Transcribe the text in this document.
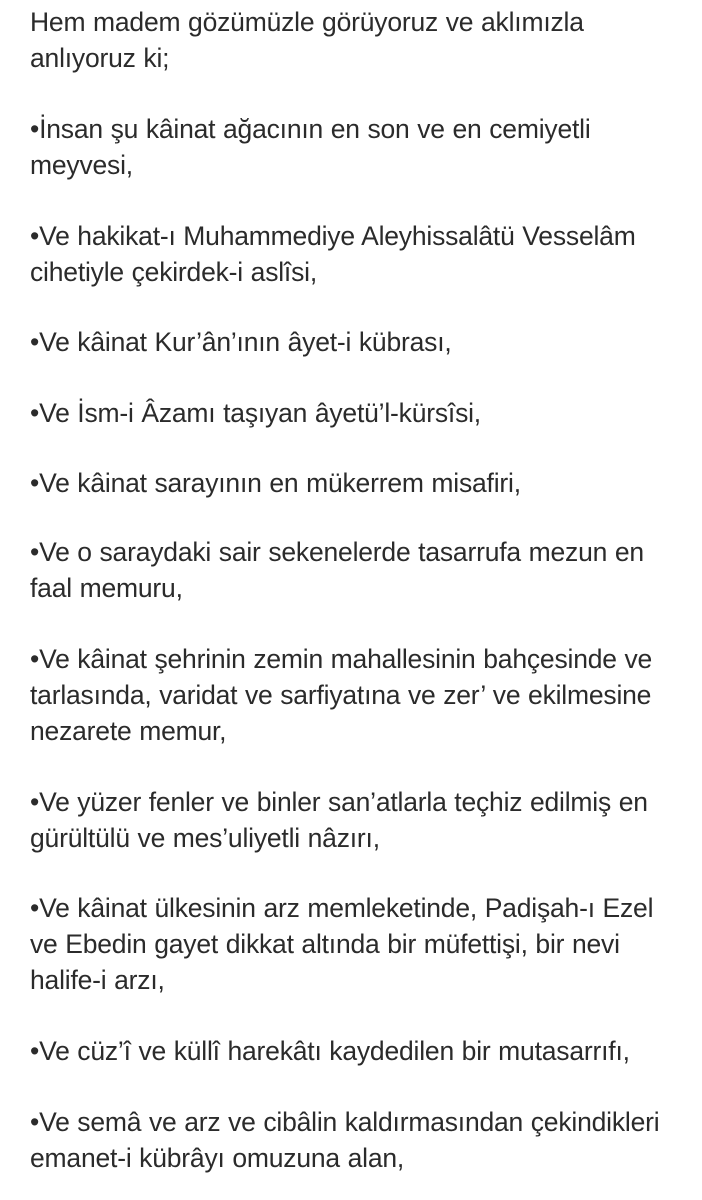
Hem madem gözümüzle görüyoruz ve aklımızla
anlıyoruz ki;

•İnsan şu kâinat ağacının en son ve en cemiyetli
meyvesi,

•Ve hakikat-ı Muhammediye Aleyhissalâtü Vesselâm
cihetiyle çekirdek-i aslîsi,

•Ve kâinat Kur’ân’ının âyet-i kübrası,

•Ve İsm-i Âzamı taşıyan âyetü’l-kürsîsi,

•Ve kâinat sarayının en mükerrem misafiri,

•Ve o saraydaki sair sekenelerde tasarrufa mezun en
faal memuru,

•Ve kâinat şehrinin zemin mahallesinin bahçesinde ve
tarlasında, varidat ve sarfiyatına ve zer’ ve ekilmesine
nezarete memur,

•Ve yüzer fenler ve binler san’atlarla teçhiz edilmiş en
gürültülü ve mes’uliyetli nâzırı,

•Ve kâinat ülkesinin arz memleketinde, Padişah-ı Ezel
ve Ebedin gayet dikkat altında bir müfettişi, bir nevi
halife-i arzı,

•Ve cüz’î ve küllî harekâtı kaydedilen bir mutasarrıfı,

•Ve semâ ve arz ve cibâlin kaldırmasından çekindikleri
emanet-i kübrâyı omuzuna alan,
